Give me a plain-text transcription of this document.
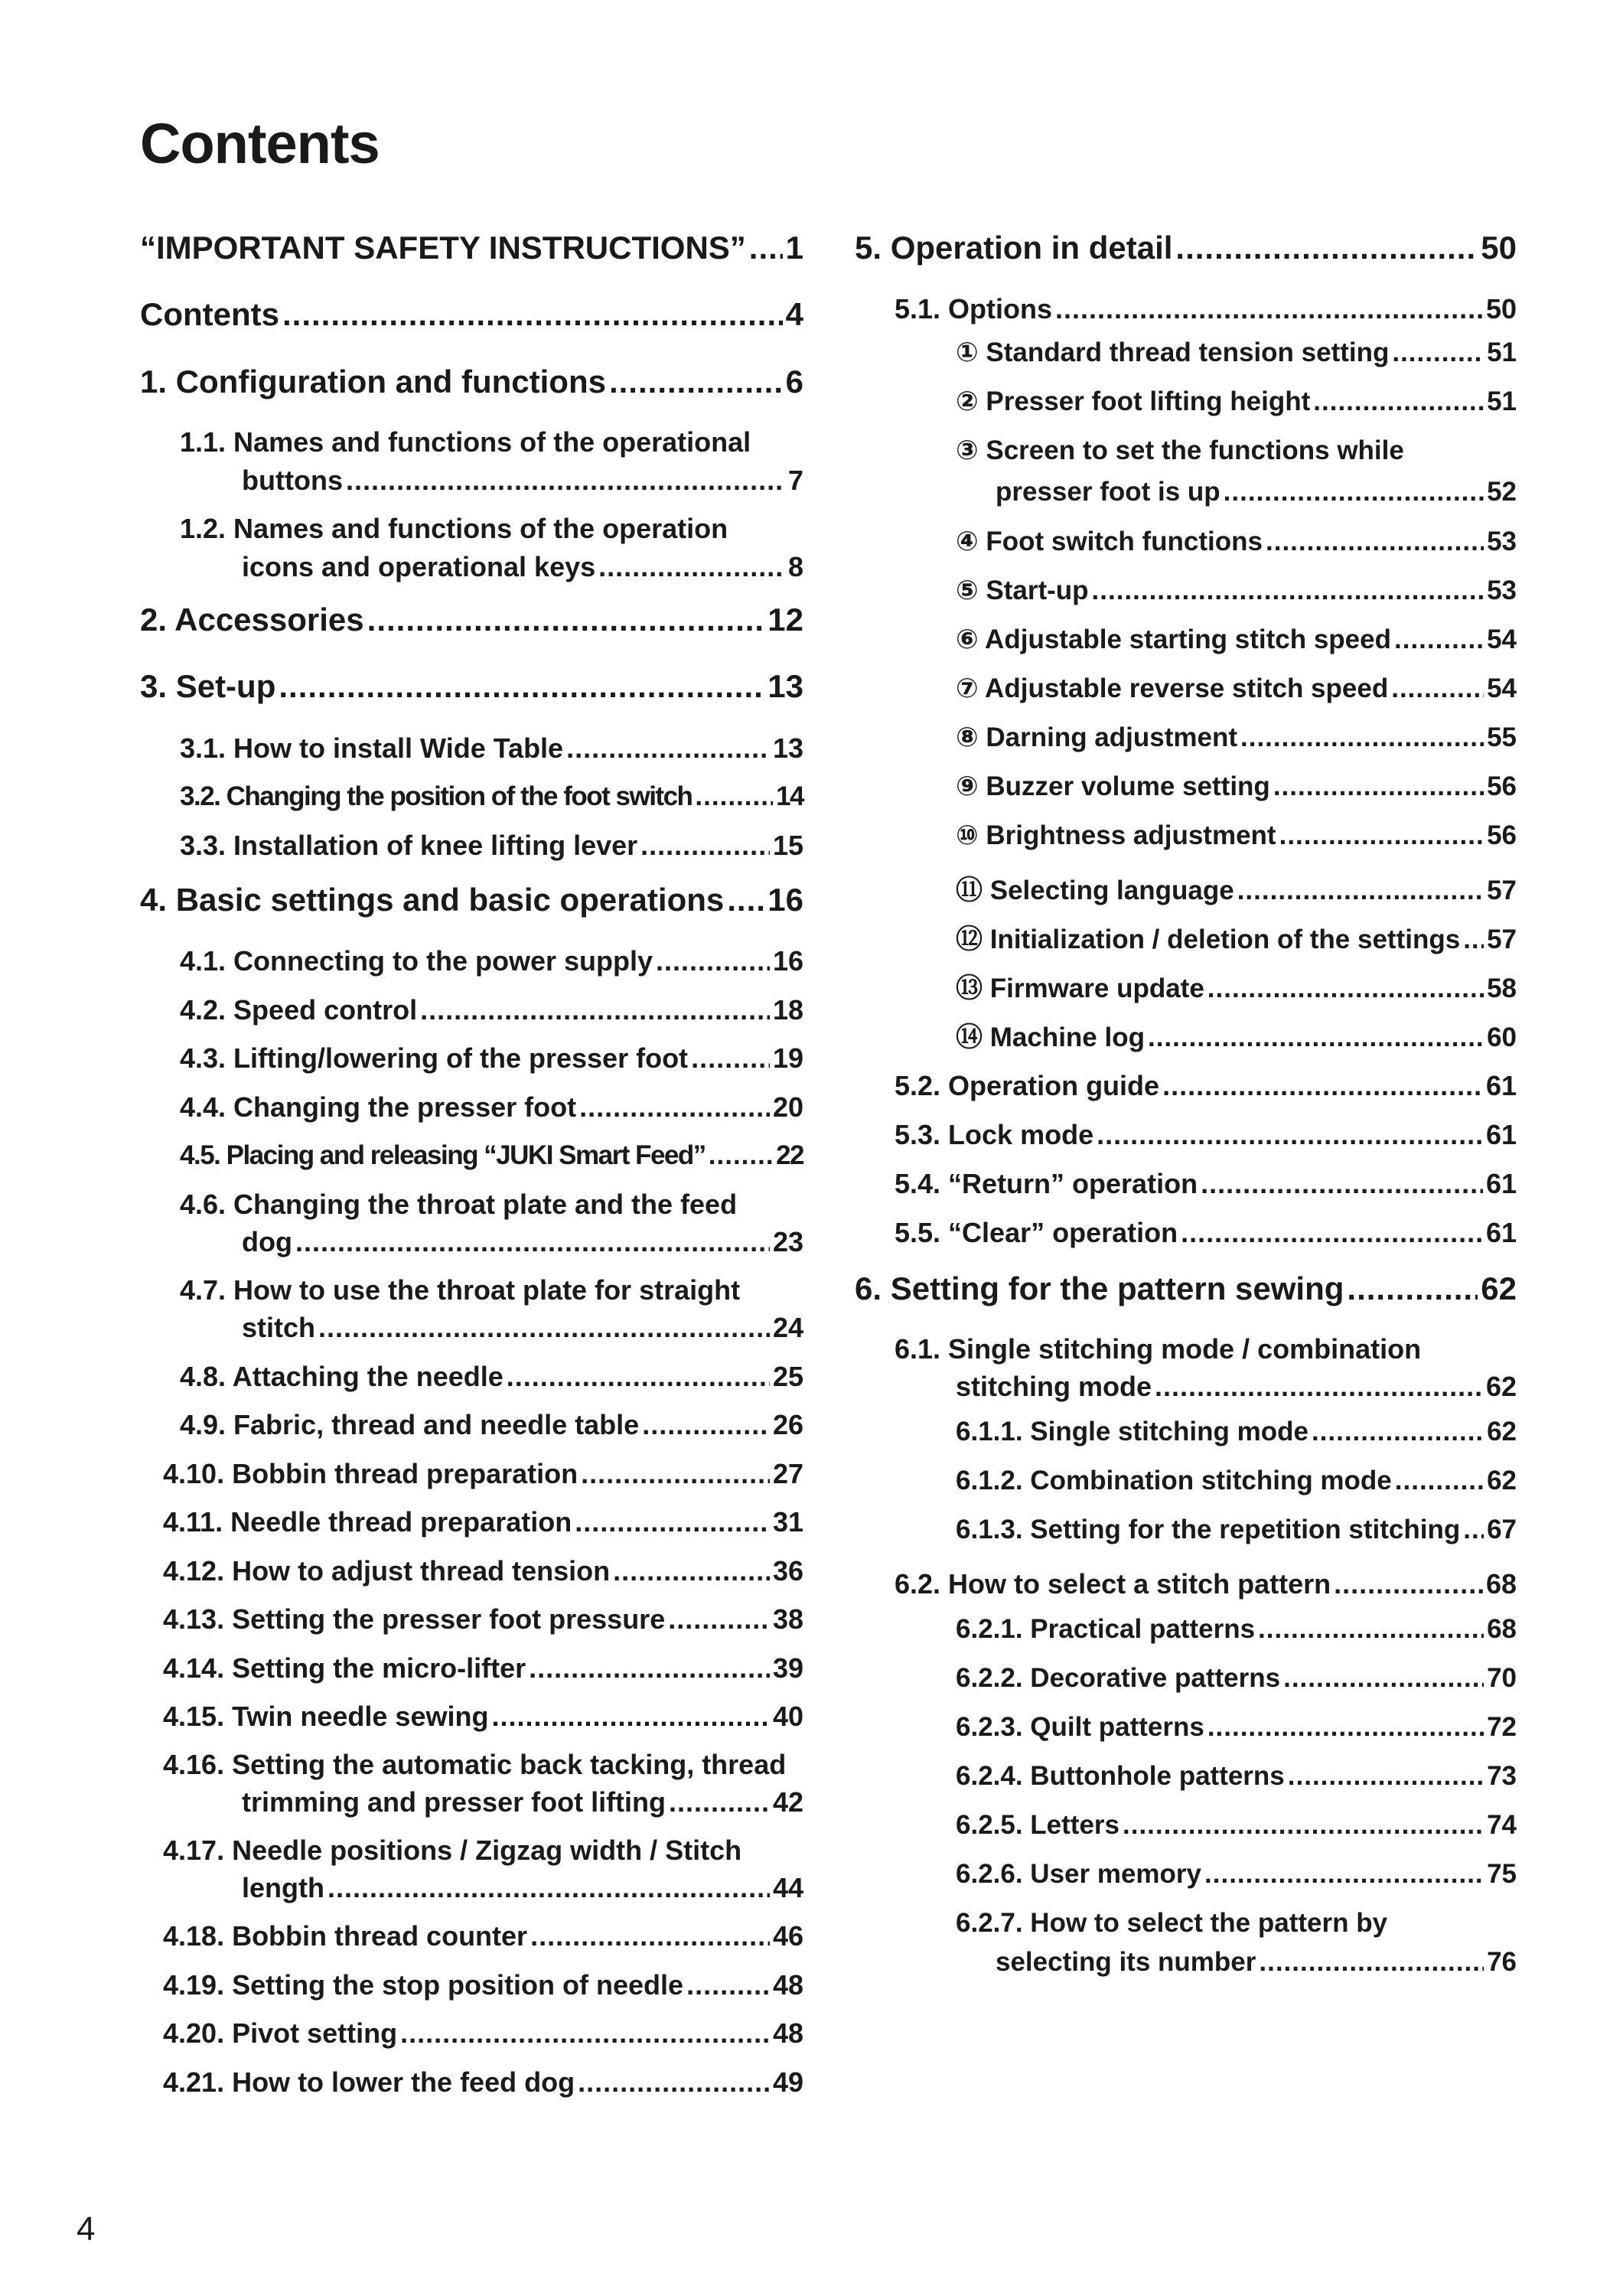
Contents
“IMPORTANT SAFETY INSTRUCTIONS” ..... 1
Contents .....	4
1. Configuration and functions .....	6
1.1. Names and functions of the operational
buttons .....	7
1.2. Names and functions of the operation
icons and operational keys .....	8
2. Accessories .....	12
3. Set-up .....	13
3.1. How to install Wide Table .....	13
3.2. Changing the position of the foot switch .....	14
3.3. Installation of knee lifting lever .....	15
4. Basic settings and basic operations ..... 16
4.1. Connecting to the power supply .....	16
4.2. Speed control .....	18
4.3. Lifting/lowering of the presser foot .....	19
4.4. Changing the presser foot .....	20
4.5. Placing and releasing “JUKI Smart Feed” .....	22
4.6. Changing the throat plate and the feed
dog .....	23
4.7. How to use the throat plate for straight
stitch .....	24
4.8. Attaching the needle .....	25
4.9. Fabric, thread and needle table .....	26
4.10. Bobbin thread preparation .....	27
4.11. Needle thread preparation .....	31
4.12. How to adjust thread tension .....	36
4.13. Setting the presser foot pressure .....	38
4.14. Setting the micro-lifter .....	39
4.15. Twin needle sewing .....	40
4.16. Setting the automatic back tacking, thread
trimming and presser foot lifting .....	42
4.17. Needle positions / Zigzag width / Stitch
length .....	44
4.18. Bobbin thread counter .....	46
4.19. Setting the stop position of needle .....	48
4.20. Pivot setting .....	48
4.21. How to lower the feed dog .....	49
5. Operation in detail .....	50
5.1. Options .....	50
① Standard thread tension setting .....	51
② Presser foot lifting height .....	51
③ Screen to set the functions while
presser foot is up .....	52
④ Foot switch functions .....	53
⑤ Start-up .....	53
⑥ Adjustable starting stitch speed .....	54
⑦ Adjustable reverse stitch speed .....	54
⑧ Darning adjustment .....	55
⑨ Buzzer volume setting .....	56
⑩ Brightness adjustment .....	56
⑪ Selecting language .....	57
⑫ Initialization / deletion of the settings ..... 57
⑬ Firmware update .....	58
⑭ Machine log .....	60
5.2. Operation guide .....	61
5.3. Lock mode .....	61
5.4. “Return” operation .....	61
5.5. “Clear” operation .....	61
6. Setting for the pattern sewing .....	62
6.1. Single stitching mode / combination
stitching mode .....	62
6.1.1. Single stitching mode .....	62
6.1.2. Combination stitching mode .....	62
6.1.3. Setting for the repetition stitching ..... 67
6.2. How to select a stitch pattern .....	68
6.2.1. Practical patterns .....	68
6.2.2. Decorative patterns .....	70
6.2.3. Quilt patterns .....	72
6.2.4. Buttonhole patterns .....	73
6.2.5. Letters .....	74
6.2.6. User memory .....	75
6.2.7. How to select the pattern by
selecting its number .....	76
4
